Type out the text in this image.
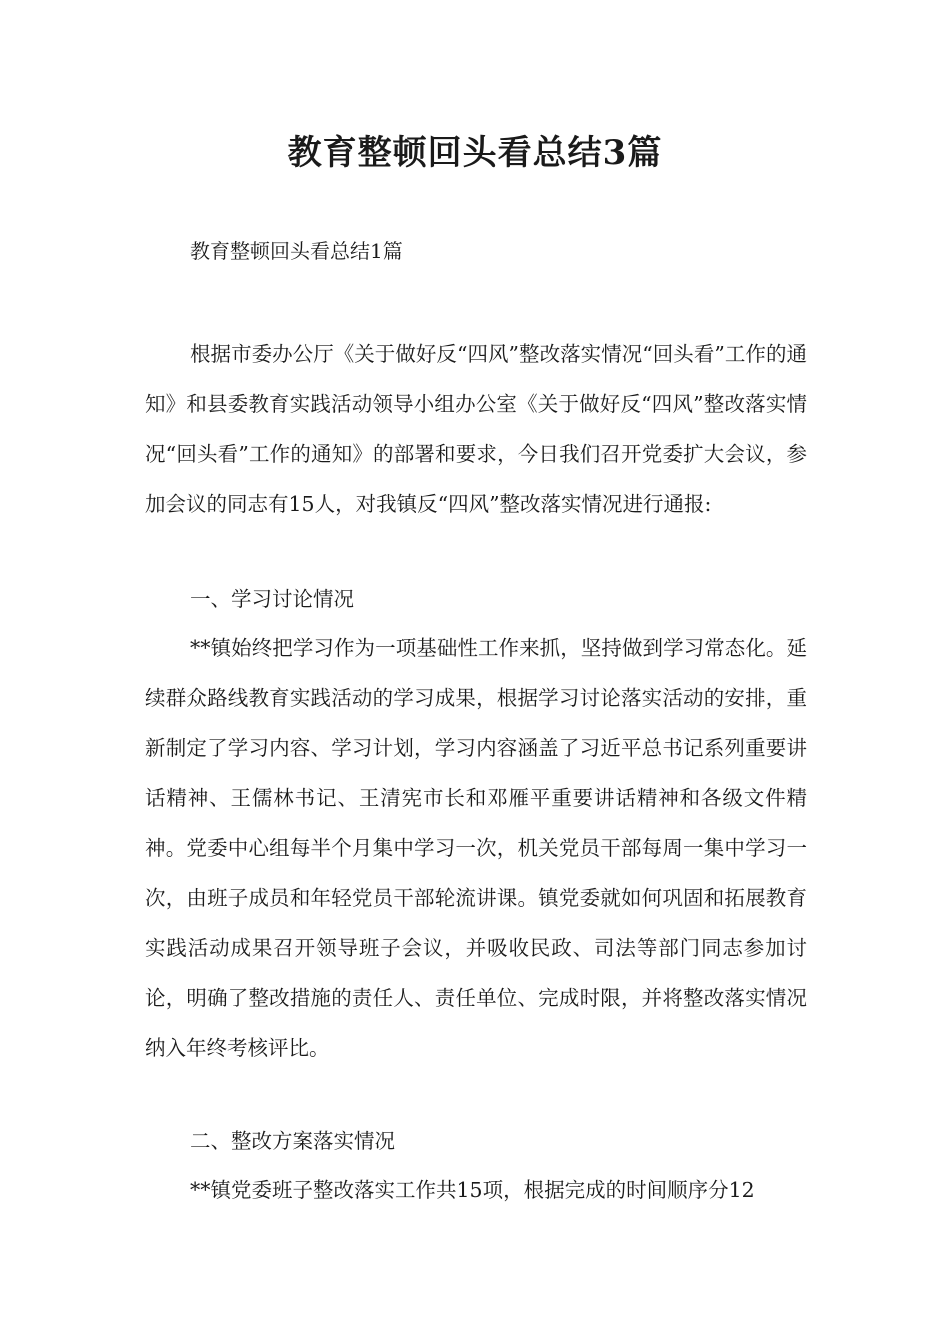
教育整顿回头看总结3篇

教育整顿回头看总结1篇

根据市委办公厅《关于做好反“四风”整改落实情况“回头看”工作的通知》和县委教育实践活动领导小组办公室《关于做好反“四风”整改落实情况“回头看”工作的通知》的部署和要求，今日我们召开党委扩大会议，参加会议的同志有15人，对我镇反“四风”整改落实情况进行通报:

一、学习讨论情况

**镇始终把学习作为一项基础性工作来抓，坚持做到学习常态化。延续群众路线教育实践活动的学习成果，根据学习讨论落实活动的安排，重新制定了学习内容、学习计划，学习内容涵盖了习近平总书记系列重要讲话精神、王儒林书记、王清宪市长和邓雁平重要讲话精神和各级文件精神。党委中心组每半个月集中学习一次，机关党员干部每周一集中学习一次，由班子成员和年轻党员干部轮流讲课。镇党委就如何巩固和拓展教育实践活动成果召开领导班子会议，并吸收民政、司法等部门同志参加讨论，明确了整改措施的责任人、责任单位、完成时限，并将整改落实情况纳入年终考核评比。

二、整改方案落实情况

**镇党委班子整改落实工作共15项，根据完成的时间顺序分12
